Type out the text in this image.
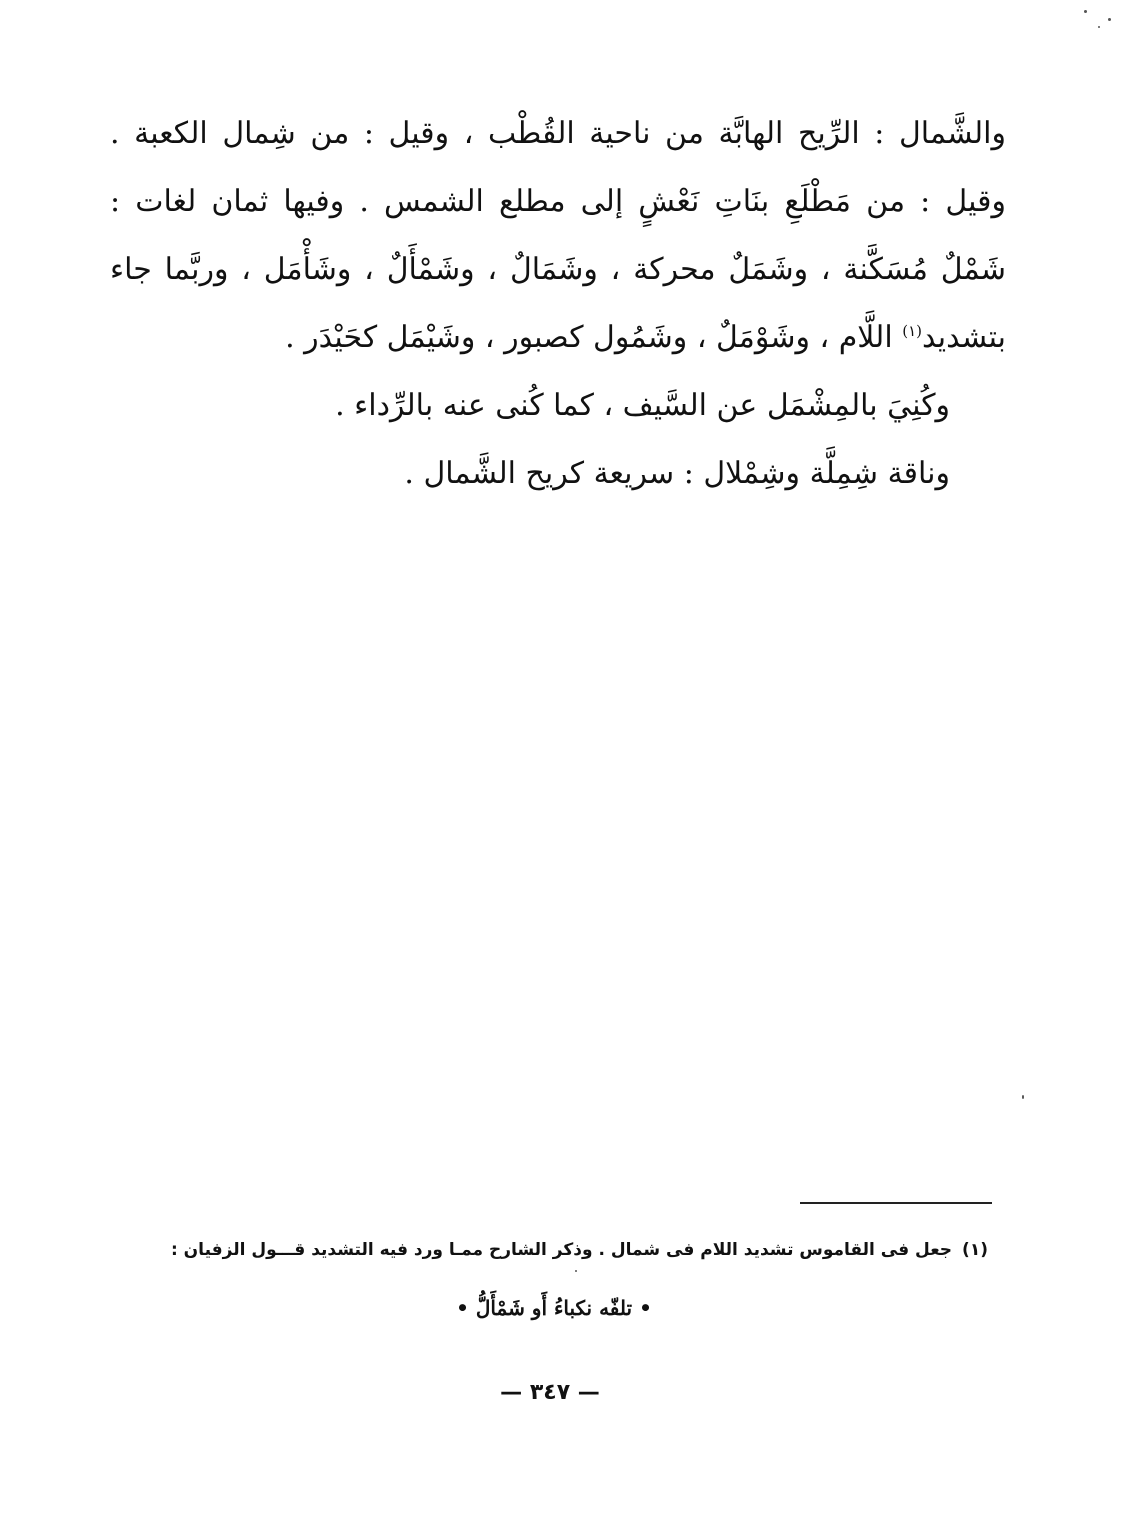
والشَّمال : الرِّيح الهابَّة من ناحية القُطْب ، وقيل : من شِمال الكعبة . وقيل : من مَطْلَعِ بنَاتِ نَعْشٍ إلى مطلع الشمس . وفيها ثمان لغات : شَمْلٌ مُسَكَّنة ، وشَمَلٌ محركة ، وشَمَالٌ ، وشَمْأَلٌ ، وشَأْمَل ، وربَّما جاء بتشديد$^{(١)}$ اللَّام ، وشَوْمَلٌ ، وشَمُول كصبور ، وشَيْمَل كحَيْدَر .

وكُنِيَ بالمِشْمَل عن السَّيف ، كما كُنى عنه بالرِّداء .

وناقة شِمِلَّة وشِمْلال : سريعة كريح الشَّمال .

(١)جعل فى القاموس تشديد اللام فى شمال . وذكر الشارح ممـا ورد فيه التشديد قـــول الزفيان :

• تلفّه نكباءُ أَو شَمْأَلُّ •
— ٣٤٧ —
